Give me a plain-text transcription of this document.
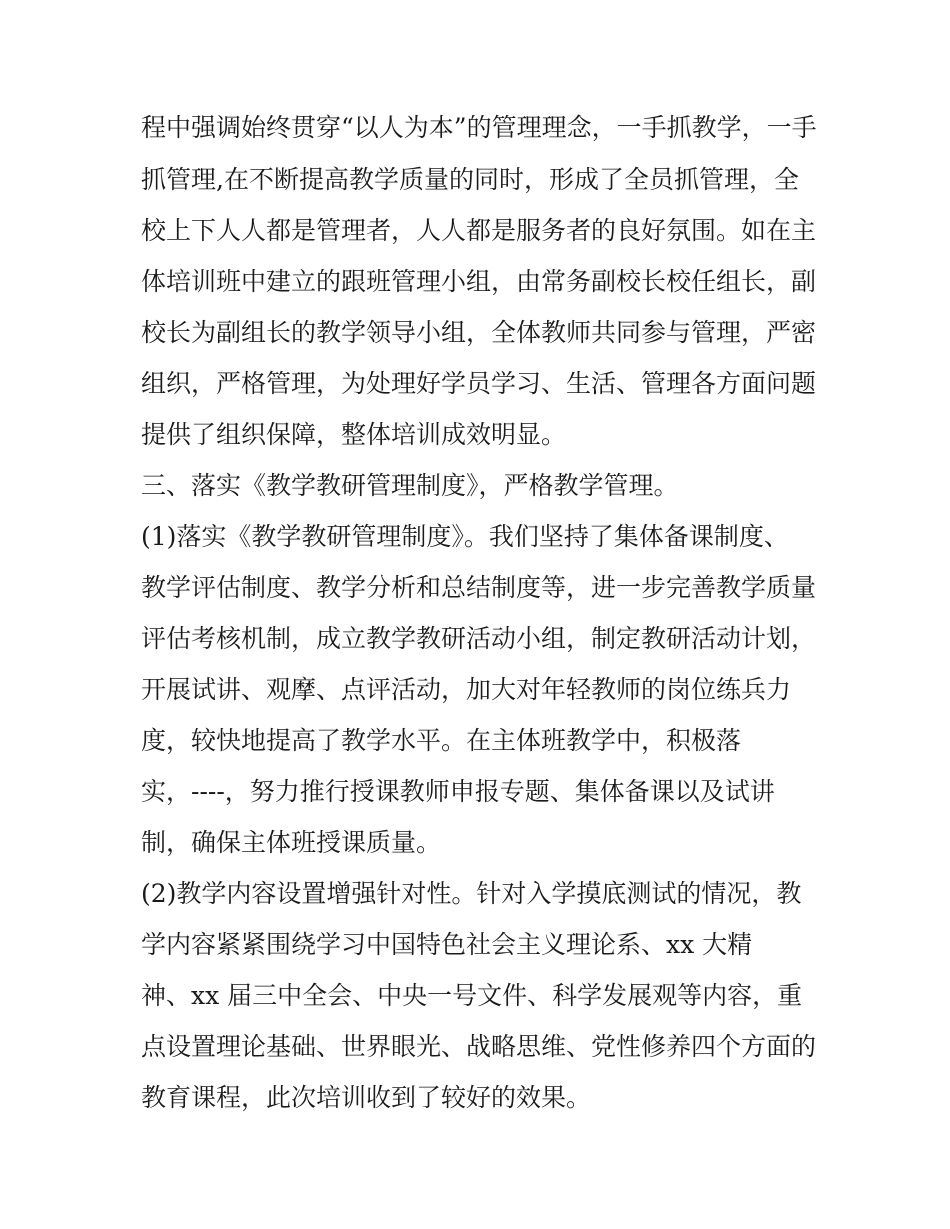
程中强调始终贯穿“以人为本”的管理理念，一手抓教学，一手

抓管理,在不断提高教学质量的同时，形成了全员抓管理，全

校上下人人都是管理者，人人都是服务者的良好氛围。如在主

体培训班中建立的跟班管理小组，由常务副校长校任组长，副

校长为副组长的教学领导小组，全体教师共同参与管理，严密

组织，严格管理，为处理好学员学习、生活、管理各方面问题

提供了组织保障，整体培训成效明显。

三、落实《教学教研管理制度》，严格教学管理。

(1)落实《教学教研管理制度》。我们坚持了集体备课制度、

教学评估制度、教学分析和总结制度等，进一步完善教学质量

评估考核机制，成立教学教研活动小组，制定教研活动计划，

开展试讲、观摩、点评活动，加大对年轻教师的岗位练兵力

度，较快地提高了教学水平。在主体班教学中，积极落

实，----，努力推行授课教师申报专题、集体备课以及试讲

制，确保主体班授课质量。

(2)教学内容设置增强针对性。针对入学摸底测试的情况，教

学内容紧紧围绕学习中国特色社会主义理论系、xx 大精

神、xx 届三中全会、中央一号文件、科学发展观等内容，重

点设置理论基础、世界眼光、战略思维、党性修养四个方面的

教育课程，此次培训收到了较好的效果。
